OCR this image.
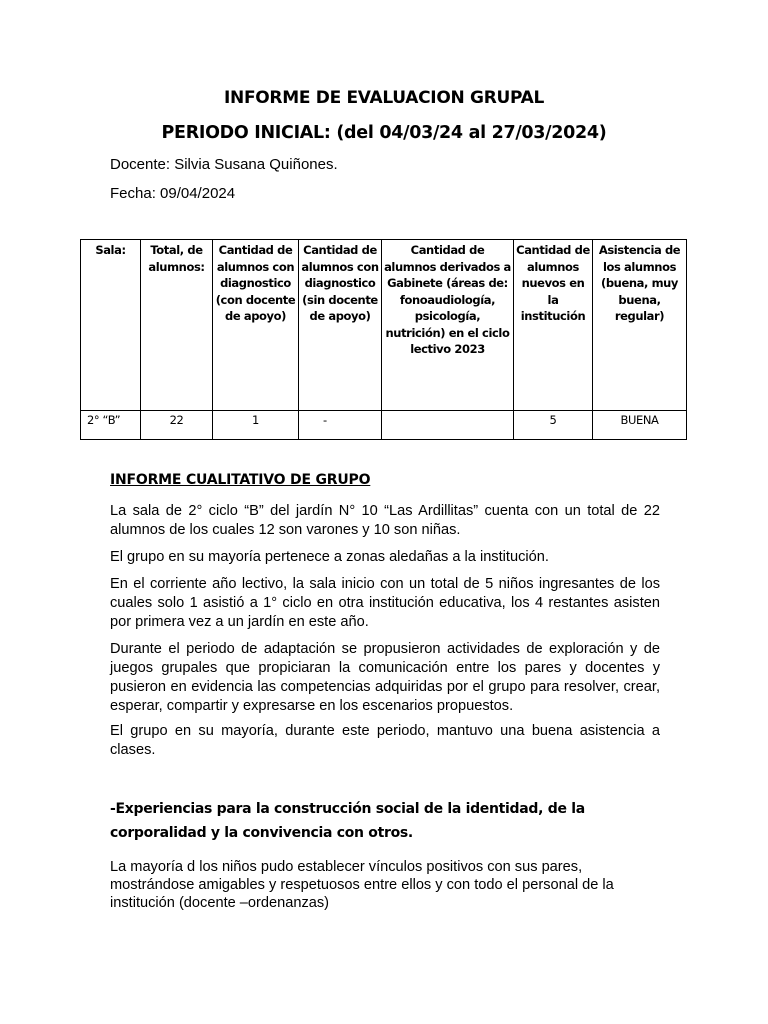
INFORME DE EVALUACION GRUPAL
PERIODO INICIAL: (del 04/03/24 al 27/03/2024)
Docente: Silvia Susana Quiñones.
Fecha: 09/04/2024
Sala:	Total, de alumnos:	Cantidad de alumnos con diagnostico (con docente de apoyo)	Cantidad de alumnos con diagnostico (sin docente de apoyo)	Cantidad de alumnos derivados a Gabinete (áreas de: fonoaudiología, psicología, nutrición) en el ciclo lectivo 2023	Cantidad de alumnos nuevos en la institución	Asistencia de los alumnos (buena, muy buena, regular)
2° “B”	22	1	-		5	BUENA
INFORME CUALITATIVO DE GRUPO
La sala de 2° ciclo “B” del jardín N° 10 “Las Ardillitas” cuenta con un total de 22 alumnos de los cuales 12 son varones y 10 son niñas.
El grupo en su mayoría pertenece a zonas aledañas a la institución.
En el corriente año lectivo, la sala inicio con un total de 5 niños ingresantes de los cuales solo 1 asistió a 1° ciclo en otra institución educativa, los 4 restantes asisten por primera vez a un jardín en este año.
Durante el periodo de adaptación se propusieron actividades de exploración y de juegos grupales que propiciaran la comunicación entre los pares y docentes y pusieron en evidencia las competencias adquiridas por el grupo para resolver, crear, esperar, compartir y expresarse en los escenarios propuestos.
El grupo en su mayoría, durante este periodo, mantuvo una buena asistencia a clases.
-Experiencias para la construcción social de la identidad, de la corporalidad y la convivencia con otros.
La mayoría d los niños pudo establecer vínculos positivos con sus pares, mostrándose amigables y respetuosos entre ellos y con todo el personal de la institución (docente –ordenanzas)
